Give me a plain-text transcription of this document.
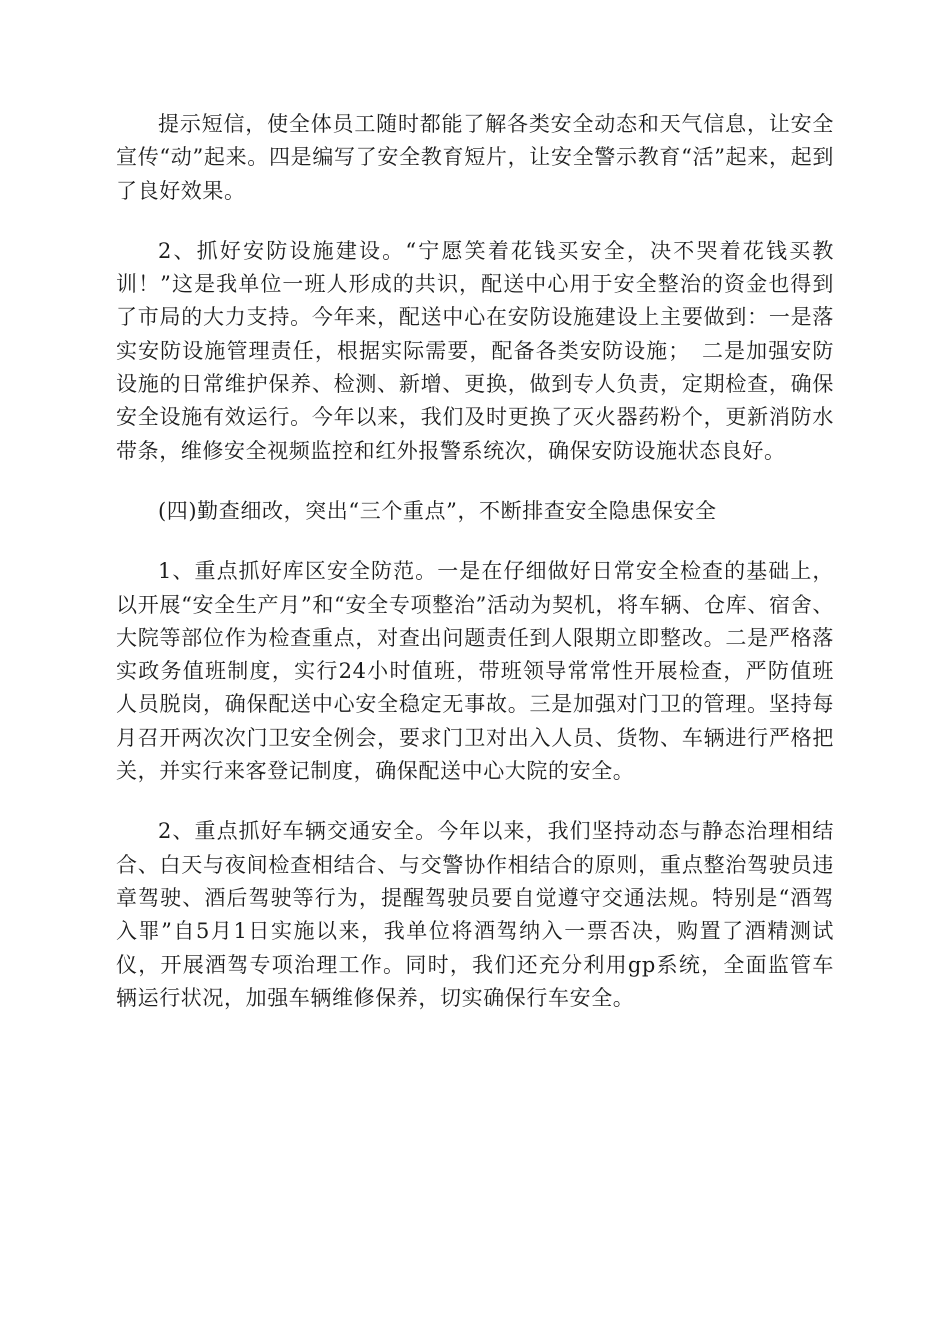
提示短信，使全体员工随时都能了解各类安全动态和天气信息，让安全宣传“动”起来。四是编写了安全教育短片，让安全警示教育“活”起来，起到了良好效果。

2、抓好安防设施建设。“宁愿笑着花钱买安全，决不哭着花钱买教训！”这是我单位一班人形成的共识，配送中心用于安全整治的资金也得到了市局的大力支持。今年来，配送中心在安防设施建设上主要做到：一是落实安防设施管理责任，根据实际需要，配备各类安防设施；　二是加强安防设施的日常维护保养、检测、新增、更换，做到专人负责，定期检查，确保安全设施有效运行。今年以来，我们及时更换了灭火器药粉个，更新消防水带条，维修安全视频监控和红外报警系统次，确保安防设施状态良好。

(四)勤查细改，突出“三个重点”，不断排查安全隐患保安全

1、重点抓好库区安全防范。一是在仔细做好日常安全检查的基础上，以开展“安全生产月”和“安全专项整治”活动为契机，将车辆、仓库、宿舍、大院等部位作为检查重点，对查出问题责任到人限期立即整改。二是严格落实政务值班制度，实行24小时值班，带班领导常常性开展检查，严防值班人员脱岗，确保配送中心安全稳定无事故。三是加强对门卫的管理。坚持每月召开两次次门卫安全例会，要求门卫对出入人员、货物、车辆进行严格把关，并实行来客登记制度，确保配送中心大院的安全。

2、重点抓好车辆交通安全。今年以来，我们坚持动态与静态治理相结合、白天与夜间检查相结合、与交警协作相结合的原则，重点整治驾驶员违章驾驶、酒后驾驶等行为，提醒驾驶员要自觉遵守交通法规。特别是“酒驾入罪”自5月1日实施以来，我单位将酒驾纳入一票否决，购置了酒精测试仪，开展酒驾专项治理工作。同时，我们还充分利用gp系统，全面监管车辆运行状况，加强车辆维修保养，切实确保行车安全。
